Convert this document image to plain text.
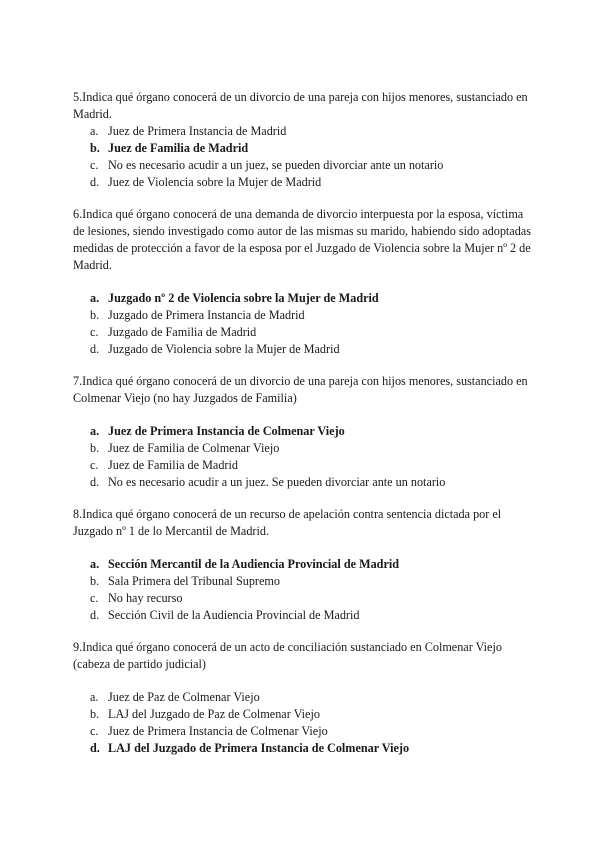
5.Indica qué órgano conocerá de un divorcio de una pareja con hijos menores, sustanciado en Madrid.

a. Juez de Primera Instancia de Madrid
b. Juez de Familia de Madrid
c. No es necesario acudir a un juez, se pueden divorciar ante un notario
d. Juez de Violencia sobre la Mujer de Madrid

6.Indica qué órgano conocerá de una demanda de divorcio interpuesta por la esposa, víctima de lesiones, siendo investigado como autor de las mismas su marido, habiendo sido adoptadas medidas de protección a favor de la esposa por el Juzgado de Violencia sobre la Mujer nº 2 de Madrid.

a. Juzgado nº 2 de Violencia sobre la Mujer de Madrid
b. Juzgado de Primera Instancia de Madrid
c. Juzgado de Familia de Madrid
d. Juzgado de Violencia sobre la Mujer de Madrid

7.Indica qué órgano conocerá de un divorcio de una pareja con hijos menores, sustanciado en Colmenar Viejo (no hay Juzgados de Familia)

a. Juez de Primera Instancia de Colmenar Viejo
b. Juez de Familia de Colmenar Viejo
c. Juez de Familia de Madrid
d. No es necesario acudir a un juez. Se pueden divorciar ante un notario

8.Indica qué órgano conocerá de un recurso de apelación contra sentencia dictada por el Juzgado nº 1 de lo Mercantil de Madrid.

a. Sección Mercantil de la Audiencia Provincial de Madrid
b. Sala Primera del Tribunal Supremo
c. No hay recurso
d. Sección Civil de la Audiencia Provincial de Madrid

9.Indica qué órgano conocerá de un acto de conciliación sustanciado en Colmenar Viejo (cabeza de partido judicial)

a. Juez de Paz de Colmenar Viejo
b. LAJ del Juzgado de Paz de Colmenar Viejo
c. Juez de Primera Instancia de Colmenar Viejo
d. LAJ del Juzgado de Primera Instancia de Colmenar Viejo
